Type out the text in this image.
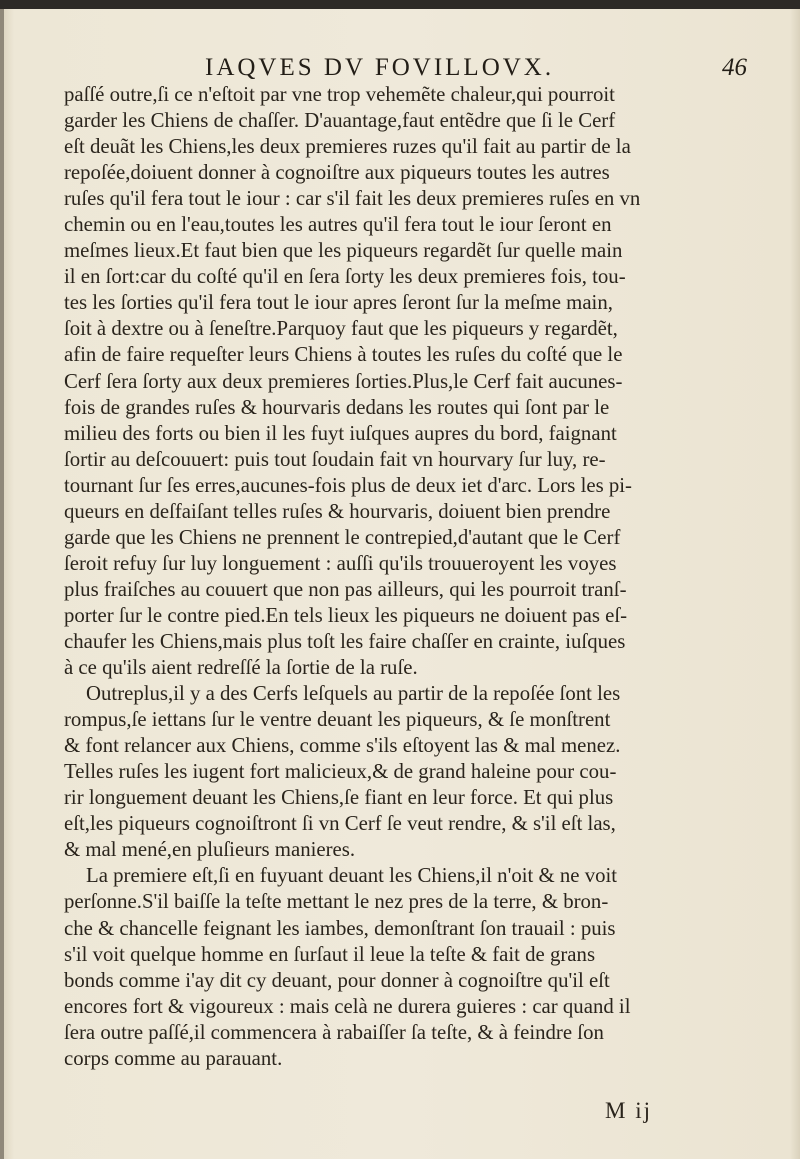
IAQVES DV FOVILLOVX.	46
paſſé outre,ſi ce n'eſtoit par vne trop vehemẽte chaleur,qui pourroit
garder les Chiens de chaſſer. D'auantage,faut entẽdre que ſi le Cerf
eſt deuãt les Chiens,les deux premieres ruzes qu'il fait au partir de la
repoſée,doiuent donner à cognoiſtre aux piqueurs toutes les autres
ruſes qu'il fera tout le iour : car s'il fait les deux premieres ruſes en vn
chemin ou en l'eau,toutes les autres qu'il fera tout le iour ſeront en
meſmes lieux.Et faut bien que les piqueurs regardẽt ſur quelle main
il en ſort:car du coſté qu'il en ſera ſorty les deux premieres fois, tou-
tes les ſorties qu'il fera tout le iour apres ſeront ſur la meſme main,
ſoit à dextre ou à ſeneſtre.Parquoy faut que les piqueurs y regardẽt,
afin de faire requeſter leurs Chiens à toutes les ruſes du coſté que le
Cerf ſera ſorty aux deux premieres ſorties.Plus,le Cerf fait aucunes-
fois de grandes ruſes & hourvaris dedans les routes qui ſont par le
milieu des forts ou bien il les fuyt iuſques aupres du bord, faignant
ſortir au deſcouuert: puis tout ſoudain fait vn hourvary ſur luy, re-
tournant ſur ſes erres,aucunes-fois plus de deux iet d'arc. Lors les pi-
queurs en deſfaiſant telles ruſes & hourvaris, doiuent bien prendre
garde que les Chiens ne prennent le contrepied,d'autant que le Cerf
ſeroit refuy ſur luy longuement : auſſi qu'ils trouueroyent les voyes
plus fraiſches au couuert que non pas ailleurs, qui les pourroit tranſ-
porter ſur le contre pied.En tels lieux les piqueurs ne doiuent pas eſ-
chaufer les Chiens,mais plus toſt les faire chaſſer en crainte, iuſques
à ce qu'ils aient redreſſé la ſortie de la ruſe.
Outreplus,il y a des Cerfs leſquels au partir de la repoſée ſont les
rompus,ſe iettans ſur le ventre deuant les piqueurs, & ſe monſtrent
& font relancer aux Chiens, comme s'ils eſtoyent las & mal menez.
Telles ruſes les iugent fort malicieux,& de grand haleine pour cou-
rir longuement deuant les Chiens,ſe fiant en leur force. Et qui plus
eſt,les piqueurs cognoiſtront ſi vn Cerf ſe veut rendre, & s'il eſt las,
& mal mené,en pluſieurs manieres.
La premiere eſt,ſi en fuyuant deuant les Chiens,il n'oit & ne voit
perſonne.S'il baiſſe la teſte mettant le nez pres de la terre, & bron-
che & chancelle feignant les iambes, demonſtrant ſon trauail : puis
s'il voit quelque homme en ſurſaut il leue la teſte & fait de grans
bonds comme i'ay dit cy deuant, pour donner à cognoiſtre qu'il eſt
encores fort & vigoureux : mais celà ne durera guieres : car quand il
ſera outre paſſé,il commencera à rabaiſſer ſa teſte, & à feindre ſon
corps comme au parauant.
M ij
